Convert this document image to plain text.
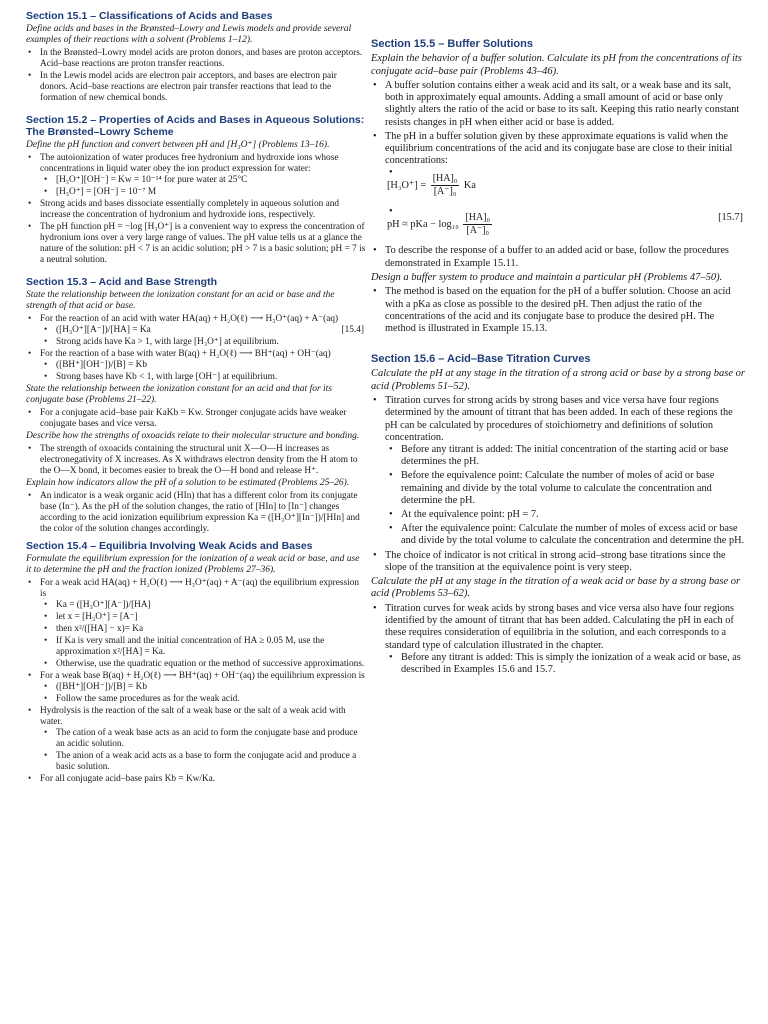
Section 15.1 – Classifications of Acids and Bases
Define acids and bases in the Brønsted–Lowry and Lewis models and provide several examples of their reactions with a solvent (Problems 1–12).
• In the Brønsted–Lowry model acids are proton donors, and bases are proton acceptors. Acid–base reactions are proton transfer reactions.
• In the Lewis model acids are electron pair acceptors, and bases are electron pair donors. Acid–base reactions are electron pair transfer reactions that lead to the formation of new chemical bonds.
Section 15.2 – Properties of Acids and Bases in Aqueous Solutions: The Brønsted–Lowry Scheme
Define the pH function and convert between pH and [H₃O⁺] (Problems 13–16).
• The autoionization of water produces free hydronium and hydroxide ions whose concentrations in liquid water obey the ion product expression for water:
• [H₃O⁺][OH⁻] = Kw = 10⁻¹⁴ for pure water at 25°C
• [H₃O⁺] = [OH⁻] = 10⁻⁷ M
• Strong acids and bases dissociate essentially completely in aqueous solution and increase the concentration of hydronium and hydroxide ions, respectively.
• The pH function pH = −log [H₃O⁺] is a convenient way to express the concentration of hydronium ions over a very large range of values. The pH value tells us at a glance the nature of the solution: pH < 7 is an acidic solution; pH > 7 is a basic solution; pH = 7 is a neutral solution.
Section 15.3 – Acid and Base Strength
State the relationship between the ionization constant for an acid or base and the strength of that acid or base.
• For the reaction of an acid with water HA(aq) + H₂O(ℓ) ⟶ H₃O⁺(aq) + A⁻(aq)
• ([H₃O⁺][A⁻])/[HA] = Ka	[15.4]
• Strong acids have Ka > 1, with large [H₃O⁺] at equilibrium.
• For the reaction of a base with water B(aq) + H₂O(ℓ) ⟶ BH⁺(aq) + OH⁻(aq)
• ([BH⁺][OH⁻])/[B] = Kb
• Strong bases have Kb < 1, with large [OH⁻] at equilibrium.
State the relationship between the ionization constant for an acid and that for its conjugate base (Problems 21–22).
• For a conjugate acid–base pair KaKb = Kw. Stronger conjugate acids have weaker conjugate bases and vice versa.
Describe how the strengths of oxoacids relate to their molecular structure and bonding.
• The strength of oxoacids containing the structural unit X—O—H increases as electronegativity of X increases. As X withdraws electron density from the H atom to the O—X bond, it becomes easier to break the O—H bond and release H⁺.
Explain how indicators allow the pH of a solution to be estimated (Problems 25–26).
• An indicator is a weak organic acid (HIn) that has a different color from its conjugate base (In⁻). As the pH of the solution changes, the ratio of [HIn] to [In⁻] changes according to the acid ionization equilibrium expression Ka = ([H₃O⁺][In⁻])/[HIn] and the color of the solution changes accordingly.
Section 15.4 – Equilibria Involving Weak Acids and Bases
Formulate the equilibrium expression for the ionization of a weak acid or base, and use it to determine the pH and the fraction ionized (Problems 27–36).
• For a weak acid HA(aq) + H₂O(ℓ) ⟶ H₃O⁺(aq) + A⁻(aq) the equilibrium expression is
• Ka = ([H₃O⁺][A⁻])/[HA]
• let x = [H₃O⁺] = [A⁻]
• then x²/([HA] − x)= Ka
• If Ka is very small and the initial concentration of HA ≥ 0.05 M, use the approximation x²/[HA] = Ka.
• Otherwise, use the quadratic equation or the method of successive approximations.
• For a weak base B(aq) + H₂O(ℓ) ⟶ BH⁺(aq) + OH⁻(aq) the equilibrium expression is
• ([BH⁺][OH⁻])/[B] = Kb
• Follow the same procedures as for the weak acid.
• Hydrolysis is the reaction of the salt of a weak base or the salt of a weak acid with water.
• The cation of a weak base acts as an acid to form the conjugate base and produce an acidic solution.
• The anion of a weak acid acts as a base to form the conjugate acid and produce a basic solution.
• For all conjugate acid–base pairs Kb = Kw/Ka.
Section 15.5 – Buffer Solutions
Explain the behavior of a buffer solution. Calculate its pH from the concentrations of its conjugate acid–base pair (Problems 43–46).
• A buffer solution contains either a weak acid and its salt, or a weak base and its salt, both in approximately equal amounts. Adding a small amount of acid or base only slightly alters the ratio of the acid or base to its salt. Keeping this ratio nearly constant resists changes in pH when either acid or base is added.
• The pH in a buffer solution given by these approximate equations is valid when the equilibrium concentrations of the acid and its conjugate base are close to their initial concentrations:
• $[H_3O^+] = \frac{\text{[HA]₀}}{\text{[A⁻]₀}}$ Ka
• pH ≈ pKa − $\log_{10} \frac{\text{[HA]₀}}{\text{[A⁻]₀}}$	[15.7]
• To describe the response of a buffer to an added acid or base, follow the procedures demonstrated in Example 15.11.
Design a buffer system to produce and maintain a particular pH (Problems 47–50).
• The method is based on the equation for the pH of a buffer solution. Choose an acid with a pKa as close as possible to the desired pH. Then adjust the ratio of the concentrations of the acid and its conjugate base to produce the desired pH. The method is illustrated in Example 15.13.
Section 15.6 – Acid–Base Titration Curves
Calculate the pH at any stage in the titration of a strong acid or base by a strong base or acid (Problems 51–52).
• Titration curves for strong acids by strong bases and vice versa have four regions determined by the amount of titrant that has been added. In each of these regions the pH can be calculated by procedures of stoichiometry and definitions of solution concentration.
• Before any titrant is added: The initial concentration of the starting acid or base determines the pH.
• Before the equivalence point: Calculate the number of moles of acid or base remaining and divide by the total volume to calculate the concentration and determine the pH.
• At the equivalence point: pH = 7.
• After the equivalence point: Calculate the number of moles of excess acid or base and divide by the total volume to calculate the concentration and determine the pH.
• The choice of indicator is not critical in strong acid–strong base titrations since the slope of the transition at the equivalence point is very steep.
Calculate the pH at any stage in the titration of a weak acid or base by a strong base or acid (Problems 53–62).
• Titration curves for weak acids by strong bases and vice versa also have four regions identified by the amount of titrant that has been added. Calculating the pH in each of these requires consideration of equilibria in the solution, and each corresponds to a standard type of calculation illustrated in the chapter.
• Before any titrant is added: This is simply the ionization of a weak acid or base, as described in Examples 15.6 and 15.7.
